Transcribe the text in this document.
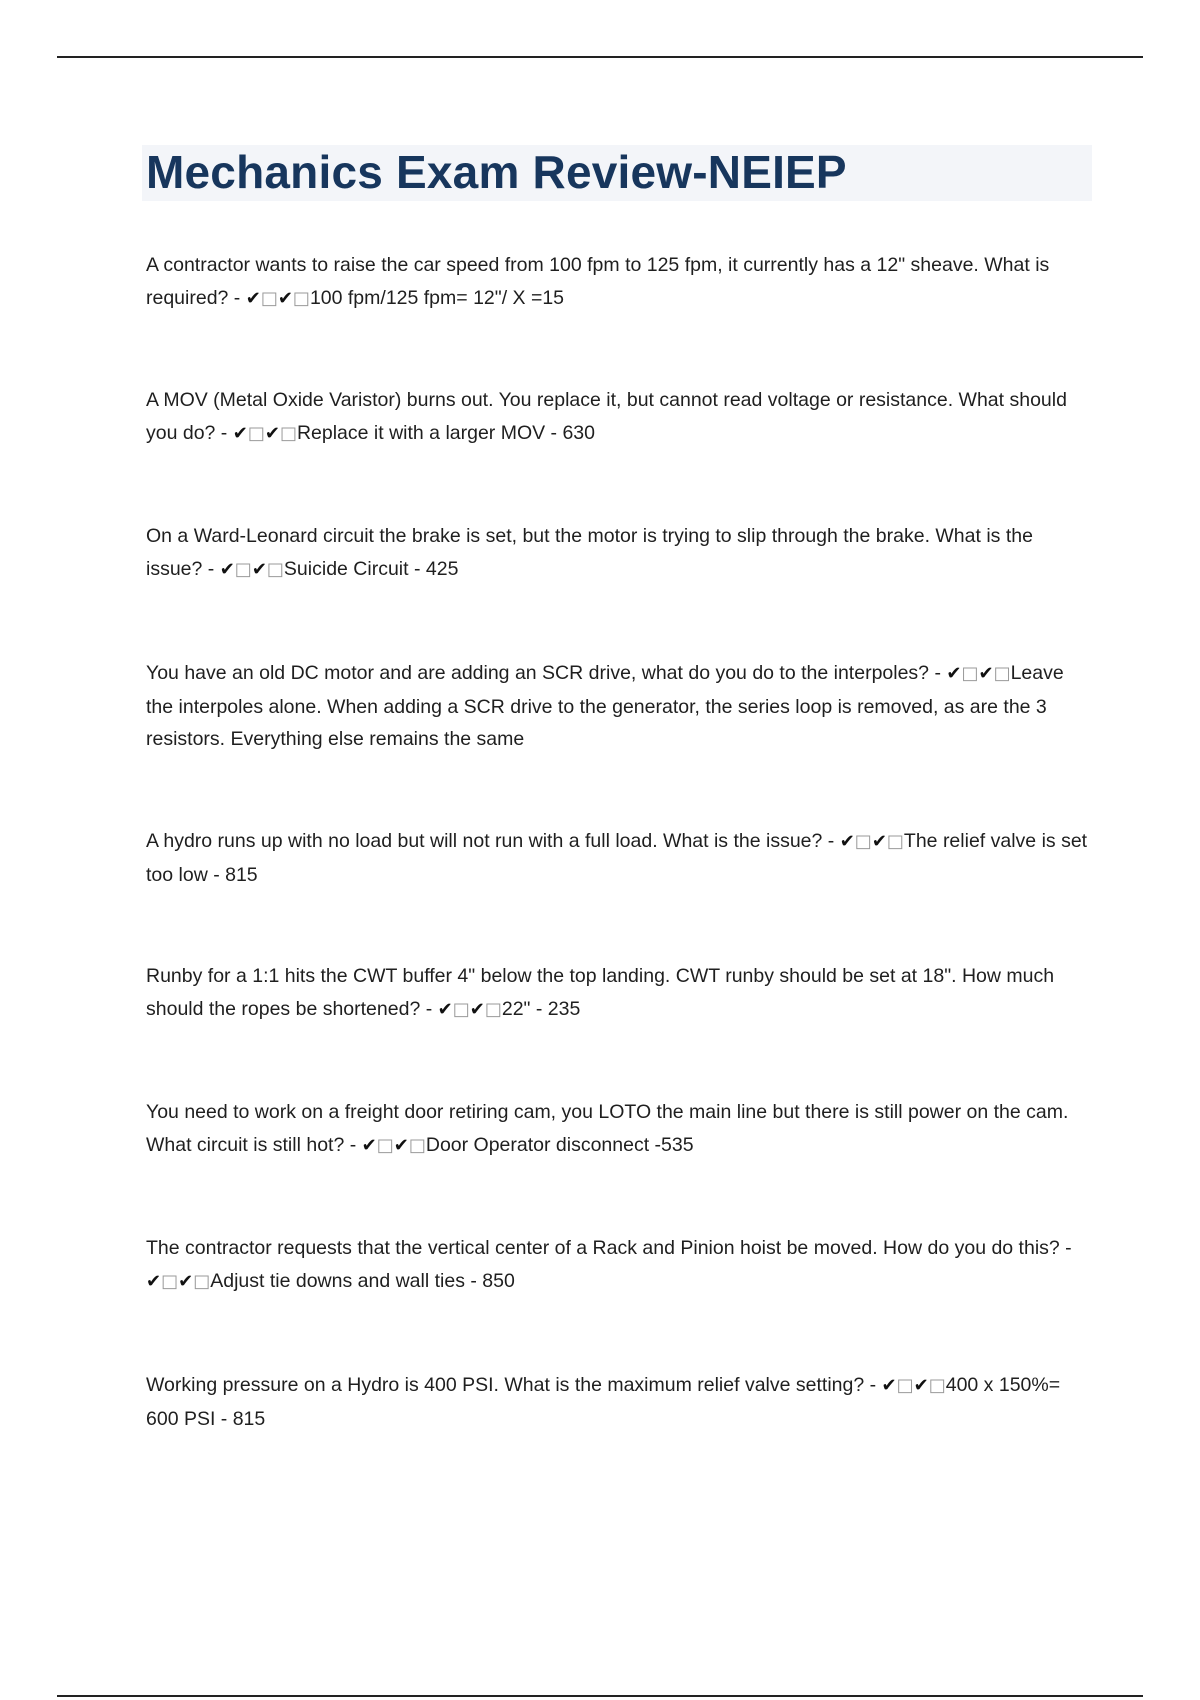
Mechanics Exam Review-NEIEP

A contractor wants to raise the car speed from 100 fpm to 125 fpm, it currently has a 12" sheave. What is required? - ✔□✔□100 fpm/125 fpm= 12"/ X =15

A MOV (Metal Oxide Varistor) burns out. You replace it, but cannot read voltage or resistance. What should you do? - ✔□✔□Replace it with a larger MOV - 630

On a Ward-Leonard circuit the brake is set, but the motor is trying to slip through the brake. What is the issue? - ✔□✔□Suicide Circuit - 425

You have an old DC motor and are adding an SCR drive, what do you do to the interpoles? - ✔□✔□Leave the interpoles alone. When adding a SCR drive to the generator, the series loop is removed, as are the 3 resistors. Everything else remains the same

A hydro runs up with no load but will not run with a full load. What is the issue? - ✔□✔□The relief valve is set too low - 815

Runby for a 1:1 hits the CWT buffer 4" below the top landing. CWT runby should be set at 18". How much should the ropes be shortened? - ✔□✔□22" - 235

You need to work on a freight door retiring cam, you LOTO the main line but there is still power on the cam. What circuit is still hot? - ✔□✔□Door Operator disconnect -535

The contractor requests that the vertical center of a Rack and Pinion hoist be moved. How do you do this? - ✔□✔□Adjust tie downs and wall ties - 850

Working pressure on a Hydro is 400 PSI. What is the maximum relief valve setting? - ✔□✔□400 x 150%= 600 PSI - 815
